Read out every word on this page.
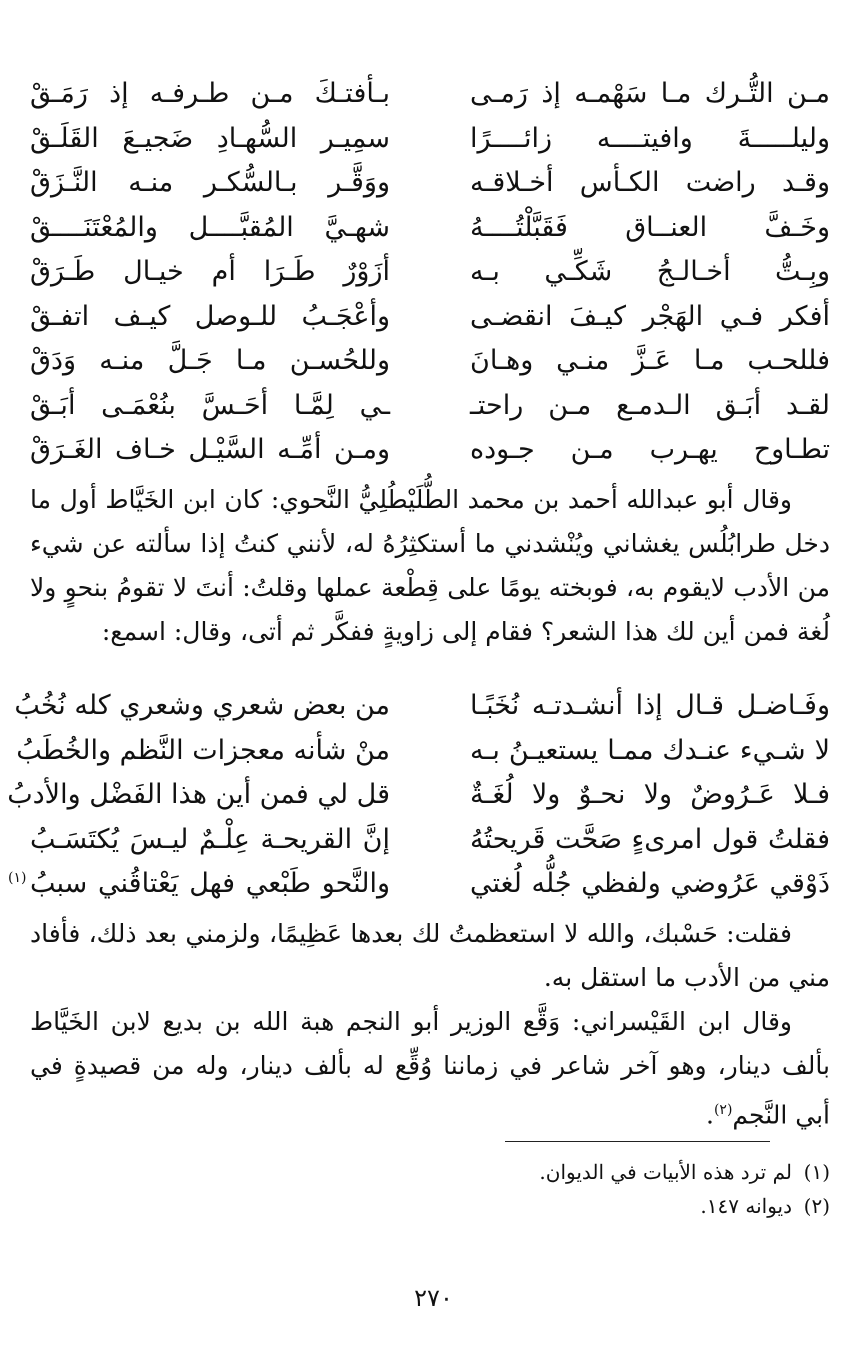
مـن التُّـرك مـا سَهْمـه إذ رَمـى
بـأفتـكَ مـن طـرفـه إذ رَمَـقْ
وليلـــــةَ وافيتــــه زائــــرًا
سمِيـر السُّهـادِ ضَجيـعَ القَلَـقْ
وقـد راضت الكـأس أخـلاقـه
ووَقَّـر بـالسُّكـر منـه النَّـزَقْ
وخَـفَّ العنــاق فَقَبَّلْتُــــهُ
شهـيَّ المُقبَّــــل والمُعْتَنَــــقْ
وبِـتُّ أخـالـجُ شَكِّـي بـه
أزَوْرٌ طَـرَا أم خيـال طَـرَقْ
أفكر فـي الهَجْر كيـفَ انقضـى
وأعْجَـبُ للـوصل كيـف اتفـقْ
فللحـب مـا عَـزَّ منـي وهـانَ
وللحُسـن مـا جَـلَّ منـه وَدَقْ
لقـد أبَـق الـدمـع مـن راحتـ
ـي لِمَّـا أحَـسَّ بنُعْمَـى أبَـقْ
تطـاوح يهـرب مـن جـوده
ومـن أمِّـه السَّيْـل خـاف الغَـرَقْ

وقال أبو عبدالله أحمد بن محمد الطُّلَيْطُلِيُّ النَّحوي: كان ابن الخَيَّاط أول ما دخل طرابُلُس يغشاني ويُنْشدني ما أستكثِرُهُ له، لأنني كنتُ إذا سألته عن شيء من الأدب لايقوم به، فوبخته يومًا على قِطْعة عملها وقلتُ: أنتَ لا تقومُ بنحوٍ ولا لُغة فمن أين لك هذا الشعر؟ فقام إلى زاويةٍ ففكَّر ثم أتى، وقال: اسمع:

وفَـاضـل قـال إذا أنشـدتـه نُخَبًـا
من بعض شعري وشعري كله نُخُبُ
لا شـيء عنـدك ممـا يستعيـنُ بـه
منْ شأنه معجزات النَّظم والخُطَبُ
فـلا عَـرُوضٌ ولا نحـوٌ ولا لُغَـةٌ
قل لي فمن أين هذا الفَضْل والأدبُ
فقلتُ قول امرىءٍ صَحَّت قَريحتُهُ
إنَّ القريحـة عِلْـمٌ ليـسَ يُكتَسَـبُ
ذَوْقي عَرُوضي ولفظي جُلُّه لُغتي
والنَّحو طَبْعي فهل يَعْتاقُني سببُ
(١)

فقلت: حَسْبك، والله لا استعظمتُ لك بعدها عَظِيمًا، ولزمني بعد ذلك، فأفاد مني من الأدب ما استقل به.

وقال ابن القَيْسراني: وَقَّع الوزير أبو النجم هبة الله بن بديع لابن الخَيَّاط بألف دينار، وهو آخر شاعر في زماننا وُقِّع له بألف دينار، وله من قصيدةٍ في أبي النَّجم$^{(٢)}$.

(١)لم ترد هذه الأبيات في الديوان.
(٢)ديوانه ١٤٧.
٢٧٠
